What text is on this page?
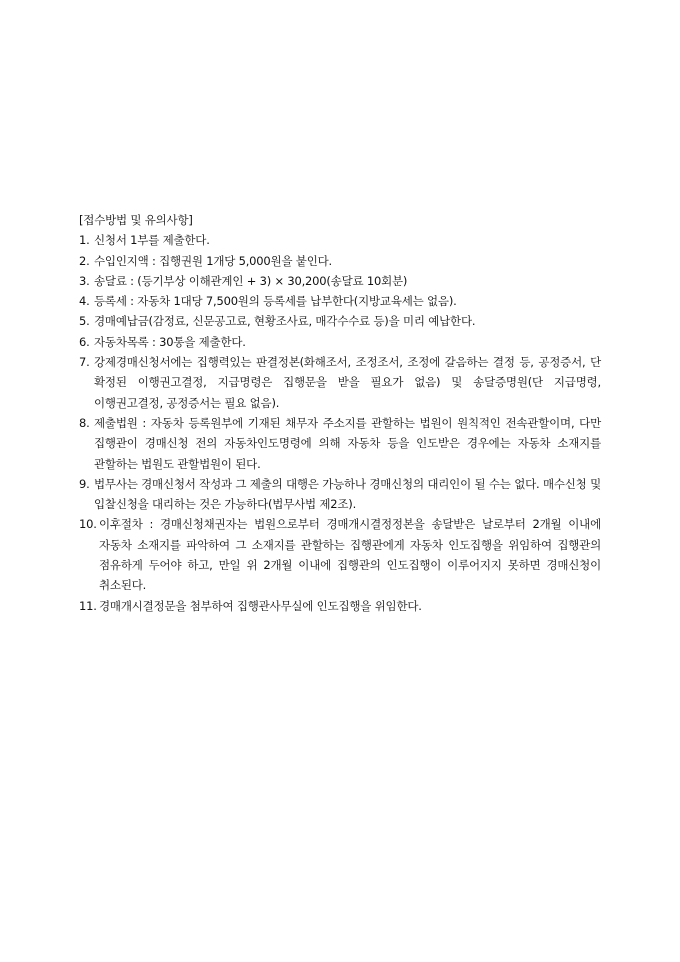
[접수방법 및 유의사항]
1. 신청서 1부를 제출한다.
2. 수입인지액 : 집행권원 1개당 5,000원을 붙인다.
3. 송달료 : (등기부상 이해관계인 + 3) × 30,200(송달료 10회분)
4. 등록세 : 자동차 1대당 7,500원의 등록세를 납부한다(지방교육세는 없음).
5. 경매예납금(감정료, 신문공고료, 현황조사료, 매각수수료 등)을 미리 예납한다.
6. 자동차목록 : 30통을 제출한다.
7. 강제경매신청서에는 집행력있는 판결정본(화해조서, 조정조서, 조정에 갈음하는 결정 등, 공정증서, 단 확정된 이행권고결정, 지급명령은 집행문을 받을 필요가 없음) 및 송달증명원(단 지급명령, 이행권고결정, 공정증서는 필요 없음).
8. 제출법원 : 자동차 등록원부에 기재된 채무자 주소지를 관할하는 법원이 원칙적인 전속관할이며, 다만 집행관이 경매신청 전의 자동차인도명령에 의해 자동차 등을 인도받은 경우에는 자동차 소재지를 관할하는 법원도 관할법원이 된다.
9. 법무사는 경매신청서 작성과 그 제출의 대행은 가능하나 경매신청의 대리인이 될 수는 없다. 매수신청 및 입찰신청을 대리하는 것은 가능하다(법무사법 제2조).
10. 이후절차 : 경매신청채권자는 법원으로부터 경매개시결정정본을 송달받은 날로부터 2개월 이내에 자동차 소재지를 파악하여 그 소재지를 관할하는 집행관에게 자동차 인도집행을 위임하여 집행관의 점유하게 두어야 하고, 만일 위 2개월 이내에 집행관의 인도집행이 이루어지지 못하면 경매신청이 취소된다.
11. 경매개시결정문을 첨부하여 집행관사무실에 인도집행을 위임한다.
